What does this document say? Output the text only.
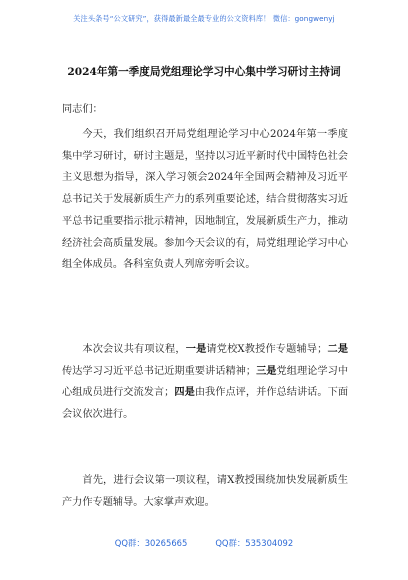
关注头条号“公文研究”，获得最新最全最专业的公文资料库！ 微信：gongwenyj
2024年第一季度局党组理论学习中心集中学习研讨主持词
同志们：
今天，我们组织召开局党组理论学习中心2024年第一季度集中学习研讨，研讨主题是，坚持以习近平新时代中国特色社会主义思想为指导，深入学习领会2024年全国两会精神及习近平总书记关于发展新质生产力的系列重要论述，结合贯彻落实习近平总书记重要指示批示精神，因地制宜，发展新质生产力，推动经济社会高质量发展。参加今天会议的有，局党组理论学习中心组全体成员。各科室负责人列席旁听会议。
本次会议共有项议程，一是请党校X教授作专题辅导；二是传达学习习近平总书记近期重要讲话精神；三是党组理论学习中心组成员进行交流发言；四是由我作点评，并作总结讲话。下面会议依次进行。
首先，进行会议第一项议程，请X教授围绕加快发展新质生产力作专题辅导。大家掌声欢迎。
QQ群：30265665	QQ群：535304092
